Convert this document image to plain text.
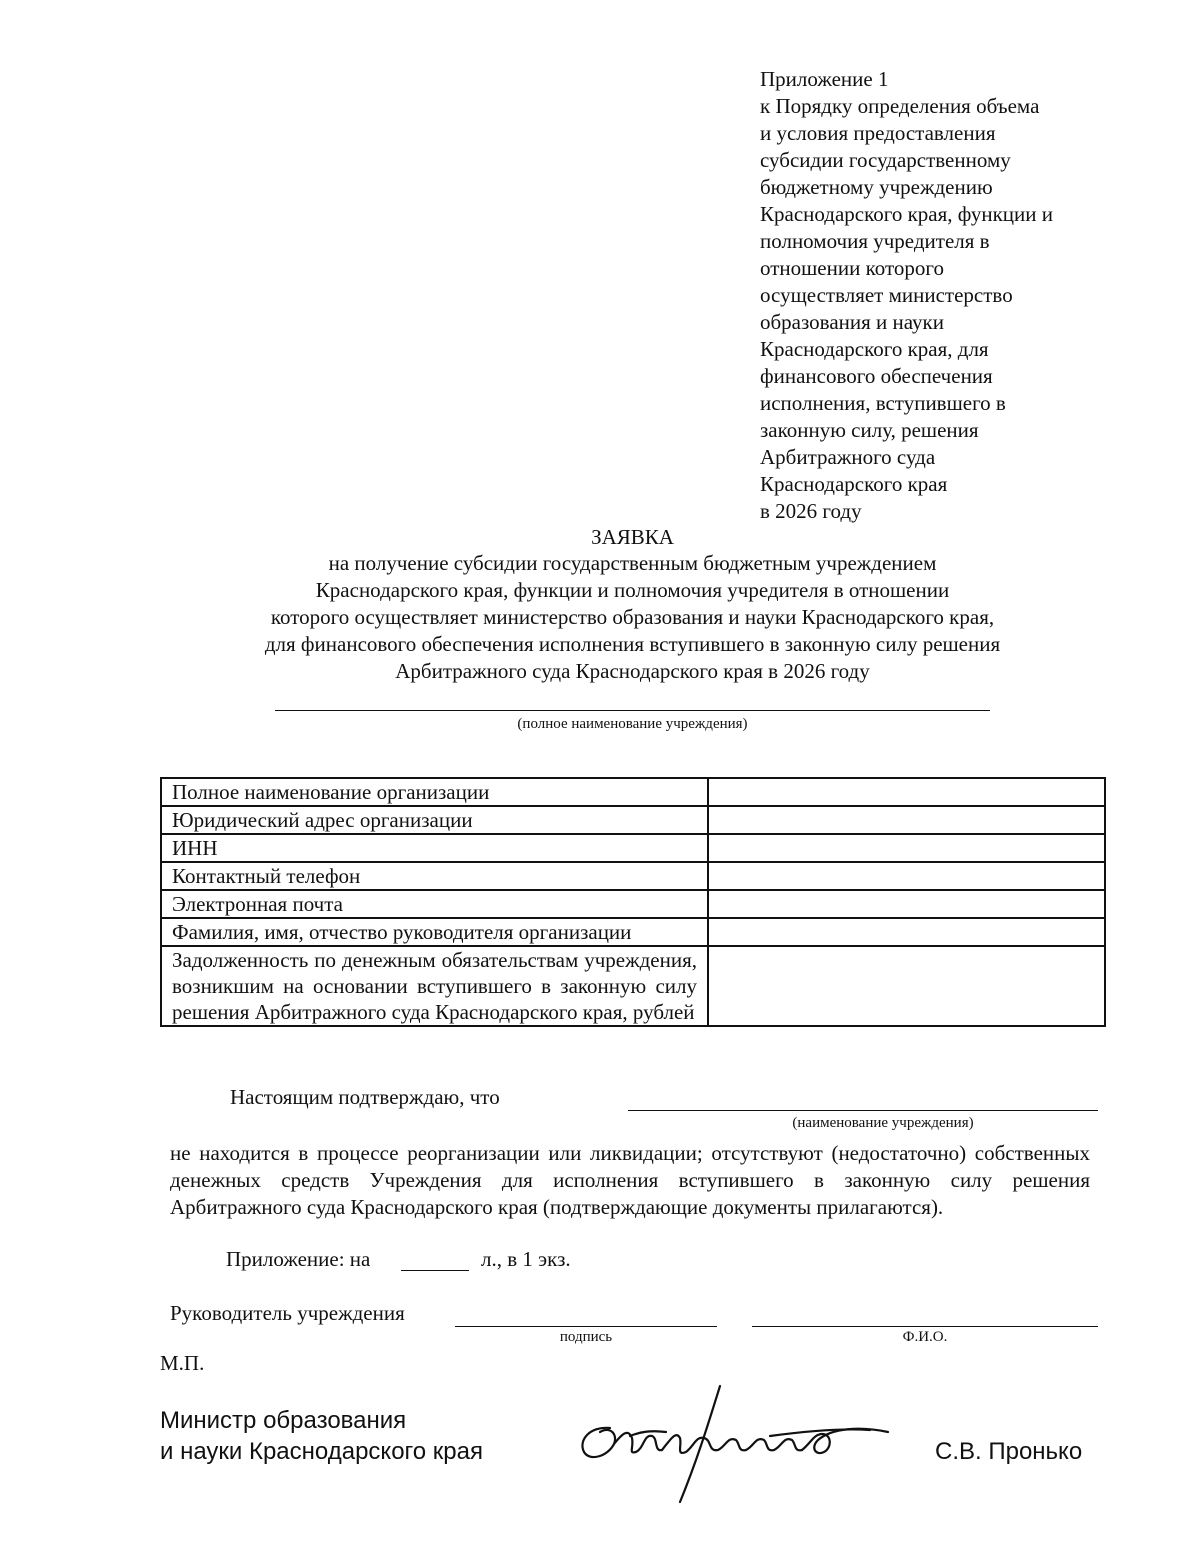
Приложение 1
к Порядку определения объема
и условия предоставления
субсидии государственному
бюджетному учреждению
Краснодарского края, функции и
полномочия учредителя в
отношении которого
осуществляет министерство
образования и науки
Краснодарского края, для
финансового обеспечения
исполнения, вступившего в
законную силу, решения
Арбитражного суда
Краснодарского края
в 2026 году
ЗАЯВКА
на получение субсидии государственным бюджетным учреждением
Краснодарского края, функции и полномочия учредителя в отношении
которого осуществляет министерство образования и науки Краснодарского края,
для финансового обеспечения исполнения вступившего в законную силу решения
Арбитражного суда Краснодарского края в 2026 году
(полное наименование учреждения)
Полное наименование организации	
Юридический адрес организации	
ИНН	
Контактный телефон	
Электронная почта	
Фамилия, имя, отчество руководителя организации	
Задолженность по денежным обязательствам учреждения, возникшим на основании вступившего в законную силу решения Арбитражного суда Краснодарского края, рублей	
Настоящим подтверждаю, что
(наименование учреждения)
не находится в процессе реорганизации или ликвидации; отсутствуют (недостаточно) собственных денежных средств Учреждения для исполнения вступившего в законную силу решения Арбитражного суда Краснодарского края (подтверждающие документы прилагаются).
Приложение: на	л., в 1 экз.
Руководитель учреждения
подпись	Ф.И.О.
М.П.
Министр образования
и науки Краснодарского края	С.В. Пронько
